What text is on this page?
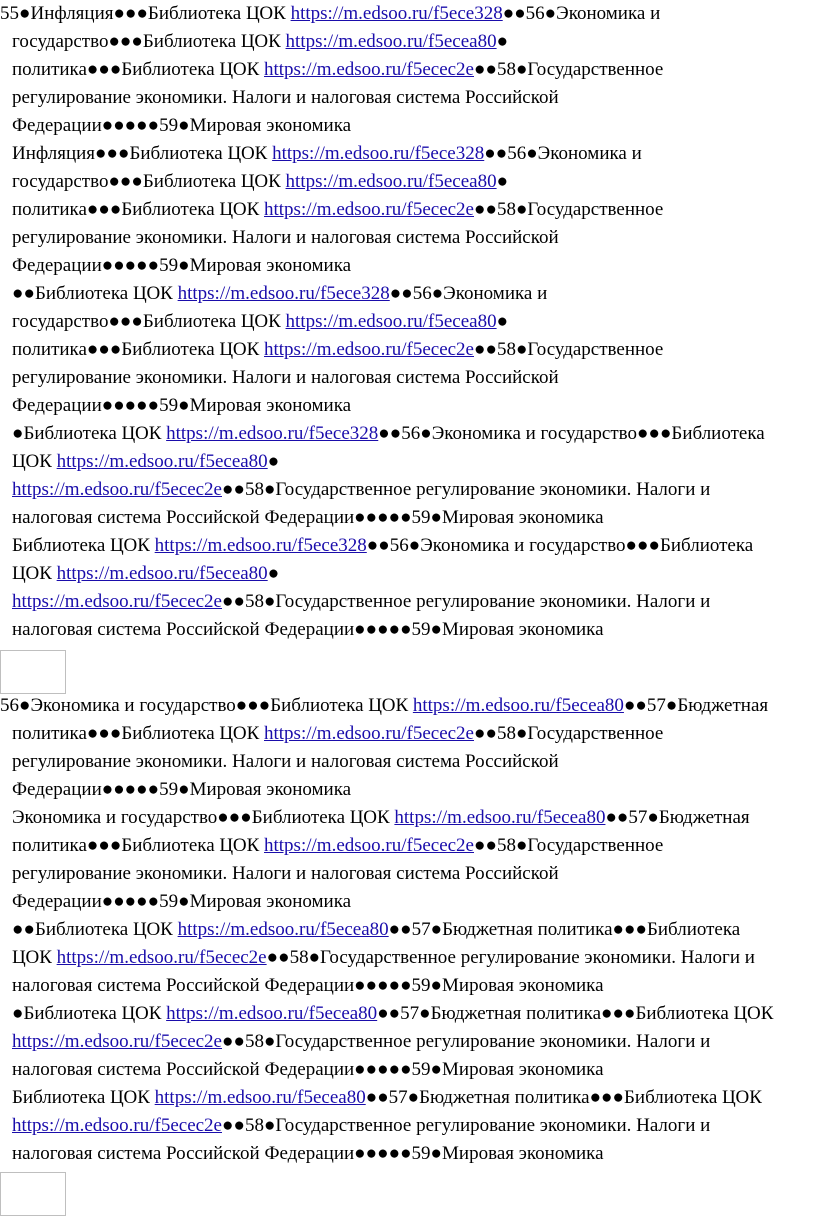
55●Инфляция●●●Библиотека ЦОК https://m.edsoo.ru/f5ece328●●56●Экономика и
государство●●●Библиотека ЦОК https://m.edsoo.ru/f5ecea80●
политика●●●Библиотека ЦОК https://m.edsoo.ru/f5ecec2e●●58●Государственное
регулирование экономики. Налоги и налоговая система Российской
Федерации●●●●●59●Мировая экономика
Инфляция●●●Библиотека ЦОК https://m.edsoo.ru/f5ece328●●56●Экономика и
государство●●●Библиотека ЦОК https://m.edsoo.ru/f5ecea80●
политика●●●Библиотека ЦОК https://m.edsoo.ru/f5ecec2e●●58●Государственное
регулирование экономики. Налоги и налоговая система Российской
Федерации●●●●●59●Мировая экономика
●●Библиотека ЦОК https://m.edsoo.ru/f5ece328●●56●Экономика и
государство●●●Библиотека ЦОК https://m.edsoo.ru/f5ecea80●
политика●●●Библиотека ЦОК https://m.edsoo.ru/f5ecec2e●●58●Государственное
регулирование экономики. Налоги и налоговая система Российской
Федерации●●●●●59●Мировая экономика
●Библиотека ЦОК https://m.edsoo.ru/f5ece328●●56●Экономика и государство●●●Библиотека
ЦОК https://m.edsoo.ru/f5ecea80●
https://m.edsoo.ru/f5ecec2e●●58●Государственное регулирование экономики. Налоги и
налоговая система Российской Федерации●●●●●59●Мировая экономика
Библиотека ЦОК https://m.edsoo.ru/f5ece328●●56●Экономика и государство●●●Библиотека
ЦОК https://m.edsoo.ru/f5ecea80●
https://m.edsoo.ru/f5ecec2e●●58●Государственное регулирование экономики. Налоги и
налоговая система Российской Федерации●●●●●59●Мировая экономика
56●Экономика и государство●●●Библиотека ЦОК https://m.edsoo.ru/f5ecea80●●57●Бюджетная
политика●●●Библиотека ЦОК https://m.edsoo.ru/f5ecec2e●●58●Государственное
регулирование экономики. Налоги и налоговая система Российской
Федерации●●●●●59●Мировая экономика
Экономика и государство●●●Библиотека ЦОК https://m.edsoo.ru/f5ecea80●●57●Бюджетная
политика●●●Библиотека ЦОК https://m.edsoo.ru/f5ecec2e●●58●Государственное
регулирование экономики. Налоги и налоговая система Российской
Федерации●●●●●59●Мировая экономика
●●Библиотека ЦОК https://m.edsoo.ru/f5ecea80●●57●Бюджетная политика●●●Библиотека
ЦОК https://m.edsoo.ru/f5ecec2e●●58●Государственное регулирование экономики. Налоги и
налоговая система Российской Федерации●●●●●59●Мировая экономика
●Библиотека ЦОК https://m.edsoo.ru/f5ecea80●●57●Бюджетная политика●●●Библиотека ЦОК
https://m.edsoo.ru/f5ecec2e●●58●Государственное регулирование экономики. Налоги и
налоговая система Российской Федерации●●●●●59●Мировая экономика
Библиотека ЦОК https://m.edsoo.ru/f5ecea80●●57●Бюджетная политика●●●Библиотека ЦОК
https://m.edsoo.ru/f5ecec2e●●58●Государственное регулирование экономики. Налоги и
налоговая система Российской Федерации●●●●●59●Мировая экономика
